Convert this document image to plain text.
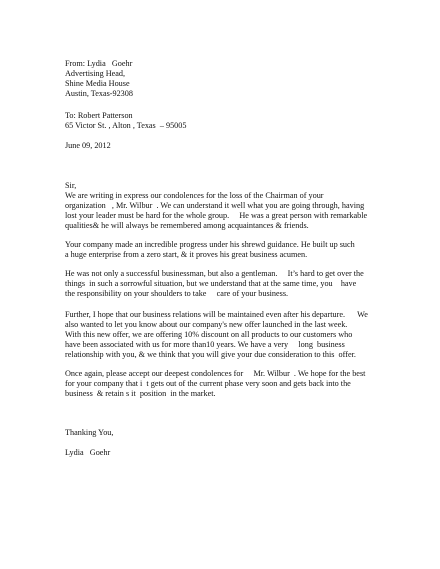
From: Lydia   Goehr
Advertising Head,
Shine Media House
Austin, Texas-92308
To: Robert Patterson
65 Victor St. , Alton , Texas  – 95005
June 09, 2012
Sir,
We are writing in express our condolences for the loss of the Chairman of your
organization   , Mr. Wilbur  . We can understand it well what you are going through, having
lost your leader must be hard for the whole group.     He was a great person with remarkable
qualities& he will always be remembered among acquaintances & friends.
Your company made an incredible progress under his shrewd guidance. He built up such
a huge enterprise from a zero start, & it proves his great business acumen.
He was not only a successful businessman, but also a gentleman.     It’s hard to get over the
things  in such a sorrowful situation, but we understand that at the same time, you    have
the responsibility on your shoulders to take     care of your business.
Further, I hope that our business relations will be maintained even after his departure.      We
also wanted to let you know about our company's new offer launched in the last week.
With this new offer, we are offering 10% discount on all products to our customers who
have been associated with us for more than10 years. We have a very     long  business
relationship with you, & we think that you will give your due consideration to this  offer.
Once again, please accept our deepest condolences for     Mr. Wilbur  . We hope for the best
for your company that i  t gets out of the current phase very soon and gets back into the
business  & retain s it  position  in the market.
Thanking You,
Lydia   Goehr
